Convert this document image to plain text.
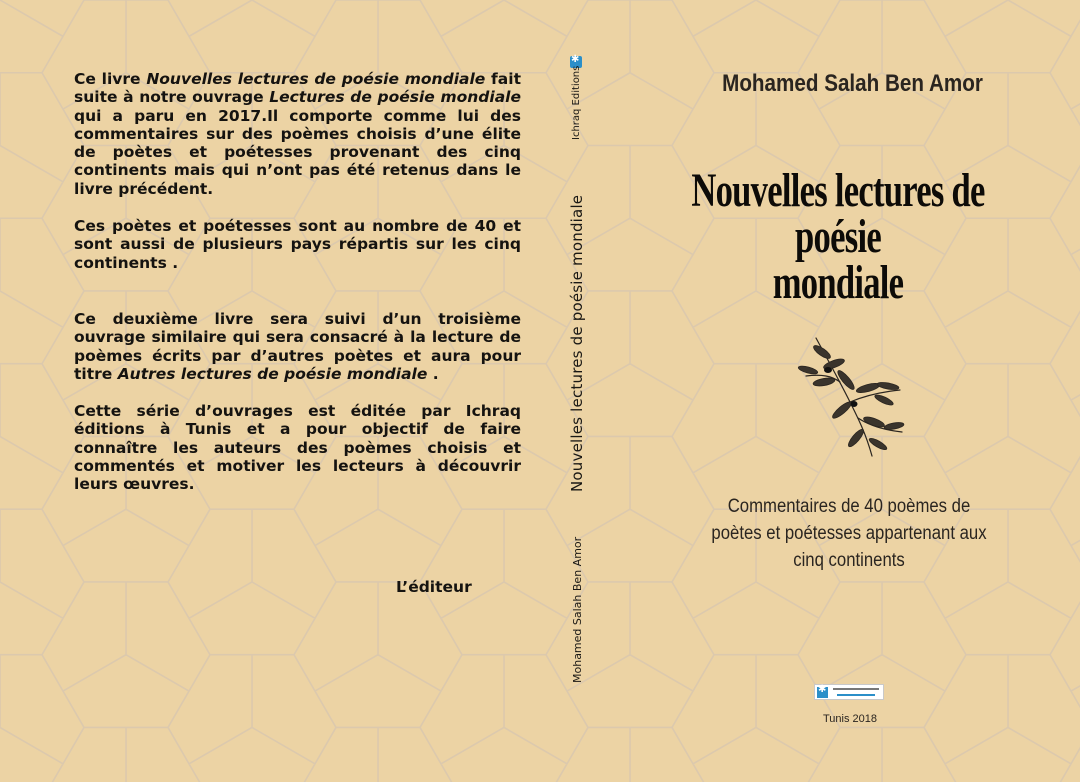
Ce livre Nouvelles lectures de poésie mondiale fait suite à notre ouvrage Lectures de poésie mondiale qui a paru en 2017.Il comporte comme lui des commentaires sur des poèmes choisis d’une élite de poètes et poétesses provenant des cinq continents mais qui n’ont pas été retenus dans le livre précédent.

Ces poètes et poétesses sont au nombre de 40 et sont aussi de plusieurs pays répartis sur les cinq continents .

Ce deuxième livre sera suivi d’un troisième ouvrage similaire qui sera consacré à la lecture de poèmes écrits par d’autres poètes et aura pour titre Autres lectures de poésie mondiale .

Cette série d’ouvrages est éditée par Ichraq éditions à Tunis et a pour objectif de faire connaître les auteurs des poèmes choisis et commentés et motiver les lecteurs à découvrir leurs œuvres.

L’éditeur
✱
Ichraq Editions
Nouvelles lectures de poésie mondiale
Mohamed Salah Ben Amor
Mohamed Salah Ben Amor
Nouvelles lectures de poésie
mondiale
Commentaires de 40 poèmes de
poètes et poétesses appartenant aux
cinq continents
✱
Tunis 2018
